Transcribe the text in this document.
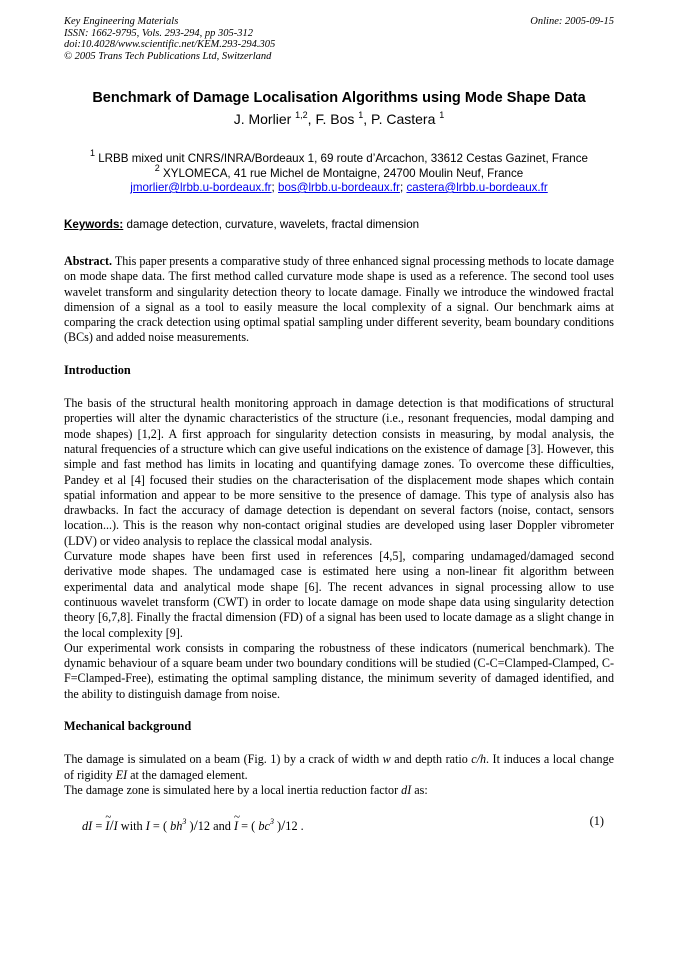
Key Engineering Materials
ISSN: 1662-9795, Vols. 293-294, pp 305-312
doi:10.4028/www.scientific.net/KEM.293-294.305
© 2005 Trans Tech Publications Ltd, Switzerland
Online: 2005-09-15
Benchmark of Damage Localisation Algorithms using Mode Shape Data
J. Morlier $^{1,2}$, F. Bos $^1$, P. Castera $^1$
$^1$ LRBB mixed unit CNRS/INRA/Bordeaux 1, 69 route d’Arcachon, 33612 Cestas Gazinet, France
$^2$ XYLOMECA, 41 rue Michel de Montaigne, 24700 Moulin Neuf, France
jmorlier@lrbb.u-bordeaux.fr; bos@lrbb.u-bordeaux.fr; castera@lrbb.u-bordeaux.fr
Keywords: damage detection, curvature, wavelets, fractal dimension

Abstract. This paper presents a comparative study of three enhanced signal processing methods to locate damage on mode shape data. The first method called curvature mode shape is used as a reference. The second tool uses wavelet transform and singularity detection theory to locate damage. Finally we introduce the windowed fractal dimension of a signal as a tool to easily measure the local complexity of a signal. Our benchmark aims at comparing the crack detection using optimal spatial sampling under different severity, beam boundary conditions (BCs) and added noise measurements.

Introduction

The basis of the structural health monitoring approach in damage detection is that modifications of structural properties will alter the dynamic characteristics of the structure (i.e., resonant frequencies, modal damping and mode shapes) [1,2]. A first approach for singularity detection consists in measuring, by modal analysis, the natural frequencies of a structure which can give useful indications on the existence of damage [3]. However, this simple and fast method has limits in locating and quantifying damage zones. To overcome these difficulties, Pandey et al [4] focused their studies on the characterisation of the displacement mode shapes which contain spatial information and appear to be more sensitive to the presence of damage. This type of analysis also has drawbacks. In fact the accuracy of damage detection is dependant on several factors (noise, contact, sensors location...). This is the reason why non-contact original studies are developed using laser Doppler vibrometer (LDV) or video analysis to replace the classical modal analysis.

Curvature mode shapes have been first used in references [4,5], comparing undamaged/damaged second derivative mode shapes. The undamaged case is estimated here using a non-linear fit algorithm between experimental data and analytical mode shape [6]. The recent advances in signal processing allow to use continuous wavelet transform (CWT) in order to locate damage on mode shape data using singularity detection theory [6,7,8]. Finally the fractal dimension (FD) of a signal has been used to locate damage as a slight change in the local complexity [9].

Our experimental work consists in comparing the robustness of these indicators (numerical benchmark). The dynamic behaviour of a square beam under two boundary conditions will be studied (C-C=Clamped-Clamped, C-F=Clamped-Free), estimating the optimal sampling distance, the minimum severity of damaged identified, and the ability to distinguish damage from noise.

Mechanical background

The damage is simulated on a beam (Fig. 1) by a crack of width w and depth ratio c/h. It induces a local change of rigidity EI at the damaged element.

The damage zone is simulated here by a local inertia reduction factor dI as:

dI = ~ I/I with I = ( $bh^3$ )/12 and ~ I = ( $bc^3$ )/12 .	(1)
